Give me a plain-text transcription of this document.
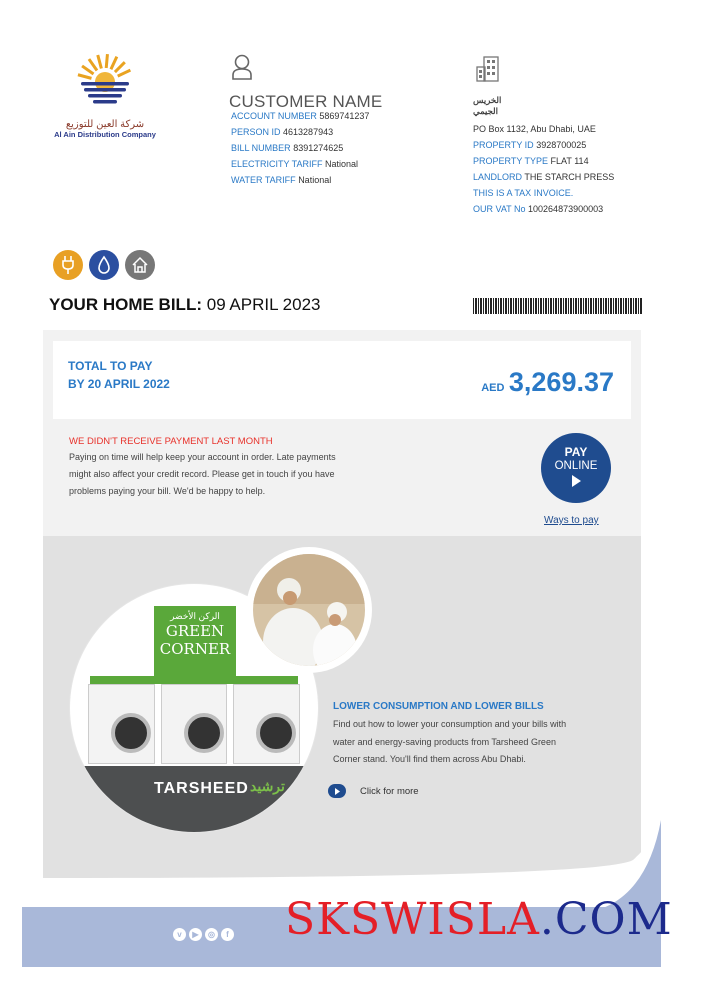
شركة العين للتوزيع
Al Ain Distribution Company
CUSTOMER NAME
ACCOUNT NUMBER 5869741237
PERSON ID 4613287943
BILL NUMBER 8391274625
ELECTRICITY TARIFF National
WATER TARIFF National
الخريس
الجيمي
PO Box 1132, Abu Dhabi, UAE
PROPERTY ID 3928700025
PROPERTY TYPE FLAT 114
LANDLORD THE STARCH PRESS
THIS IS A TAX INVOICE.
OUR VAT No 100264873900003
YOUR HOME BILL: 09 APRIL 2023
TOTAL TO PAY
BY 20 APRIL 2022	AED 3,269.37
WE DIDN'T RECEIVE PAYMENT LAST MONTH
Paying on time will help keep your account in order. Late payments might also affect your credit record. Please get in touch if you have problems paying your bill. We'd be happy to help.
PAY
ONLINE
Ways to pay
الركن الأخضر
GREEN
CORNER
TARSHEED ترشيد
LOWER CONSUMPTION AND LOWER BILLS
Find out how to lower your consumption and your bills with water and energy-saving products from Tarsheed Green Corner stand. You'll find them across Abu Dhabi.
Click for more
v	▶	◎	f SKSWISLA.COM
